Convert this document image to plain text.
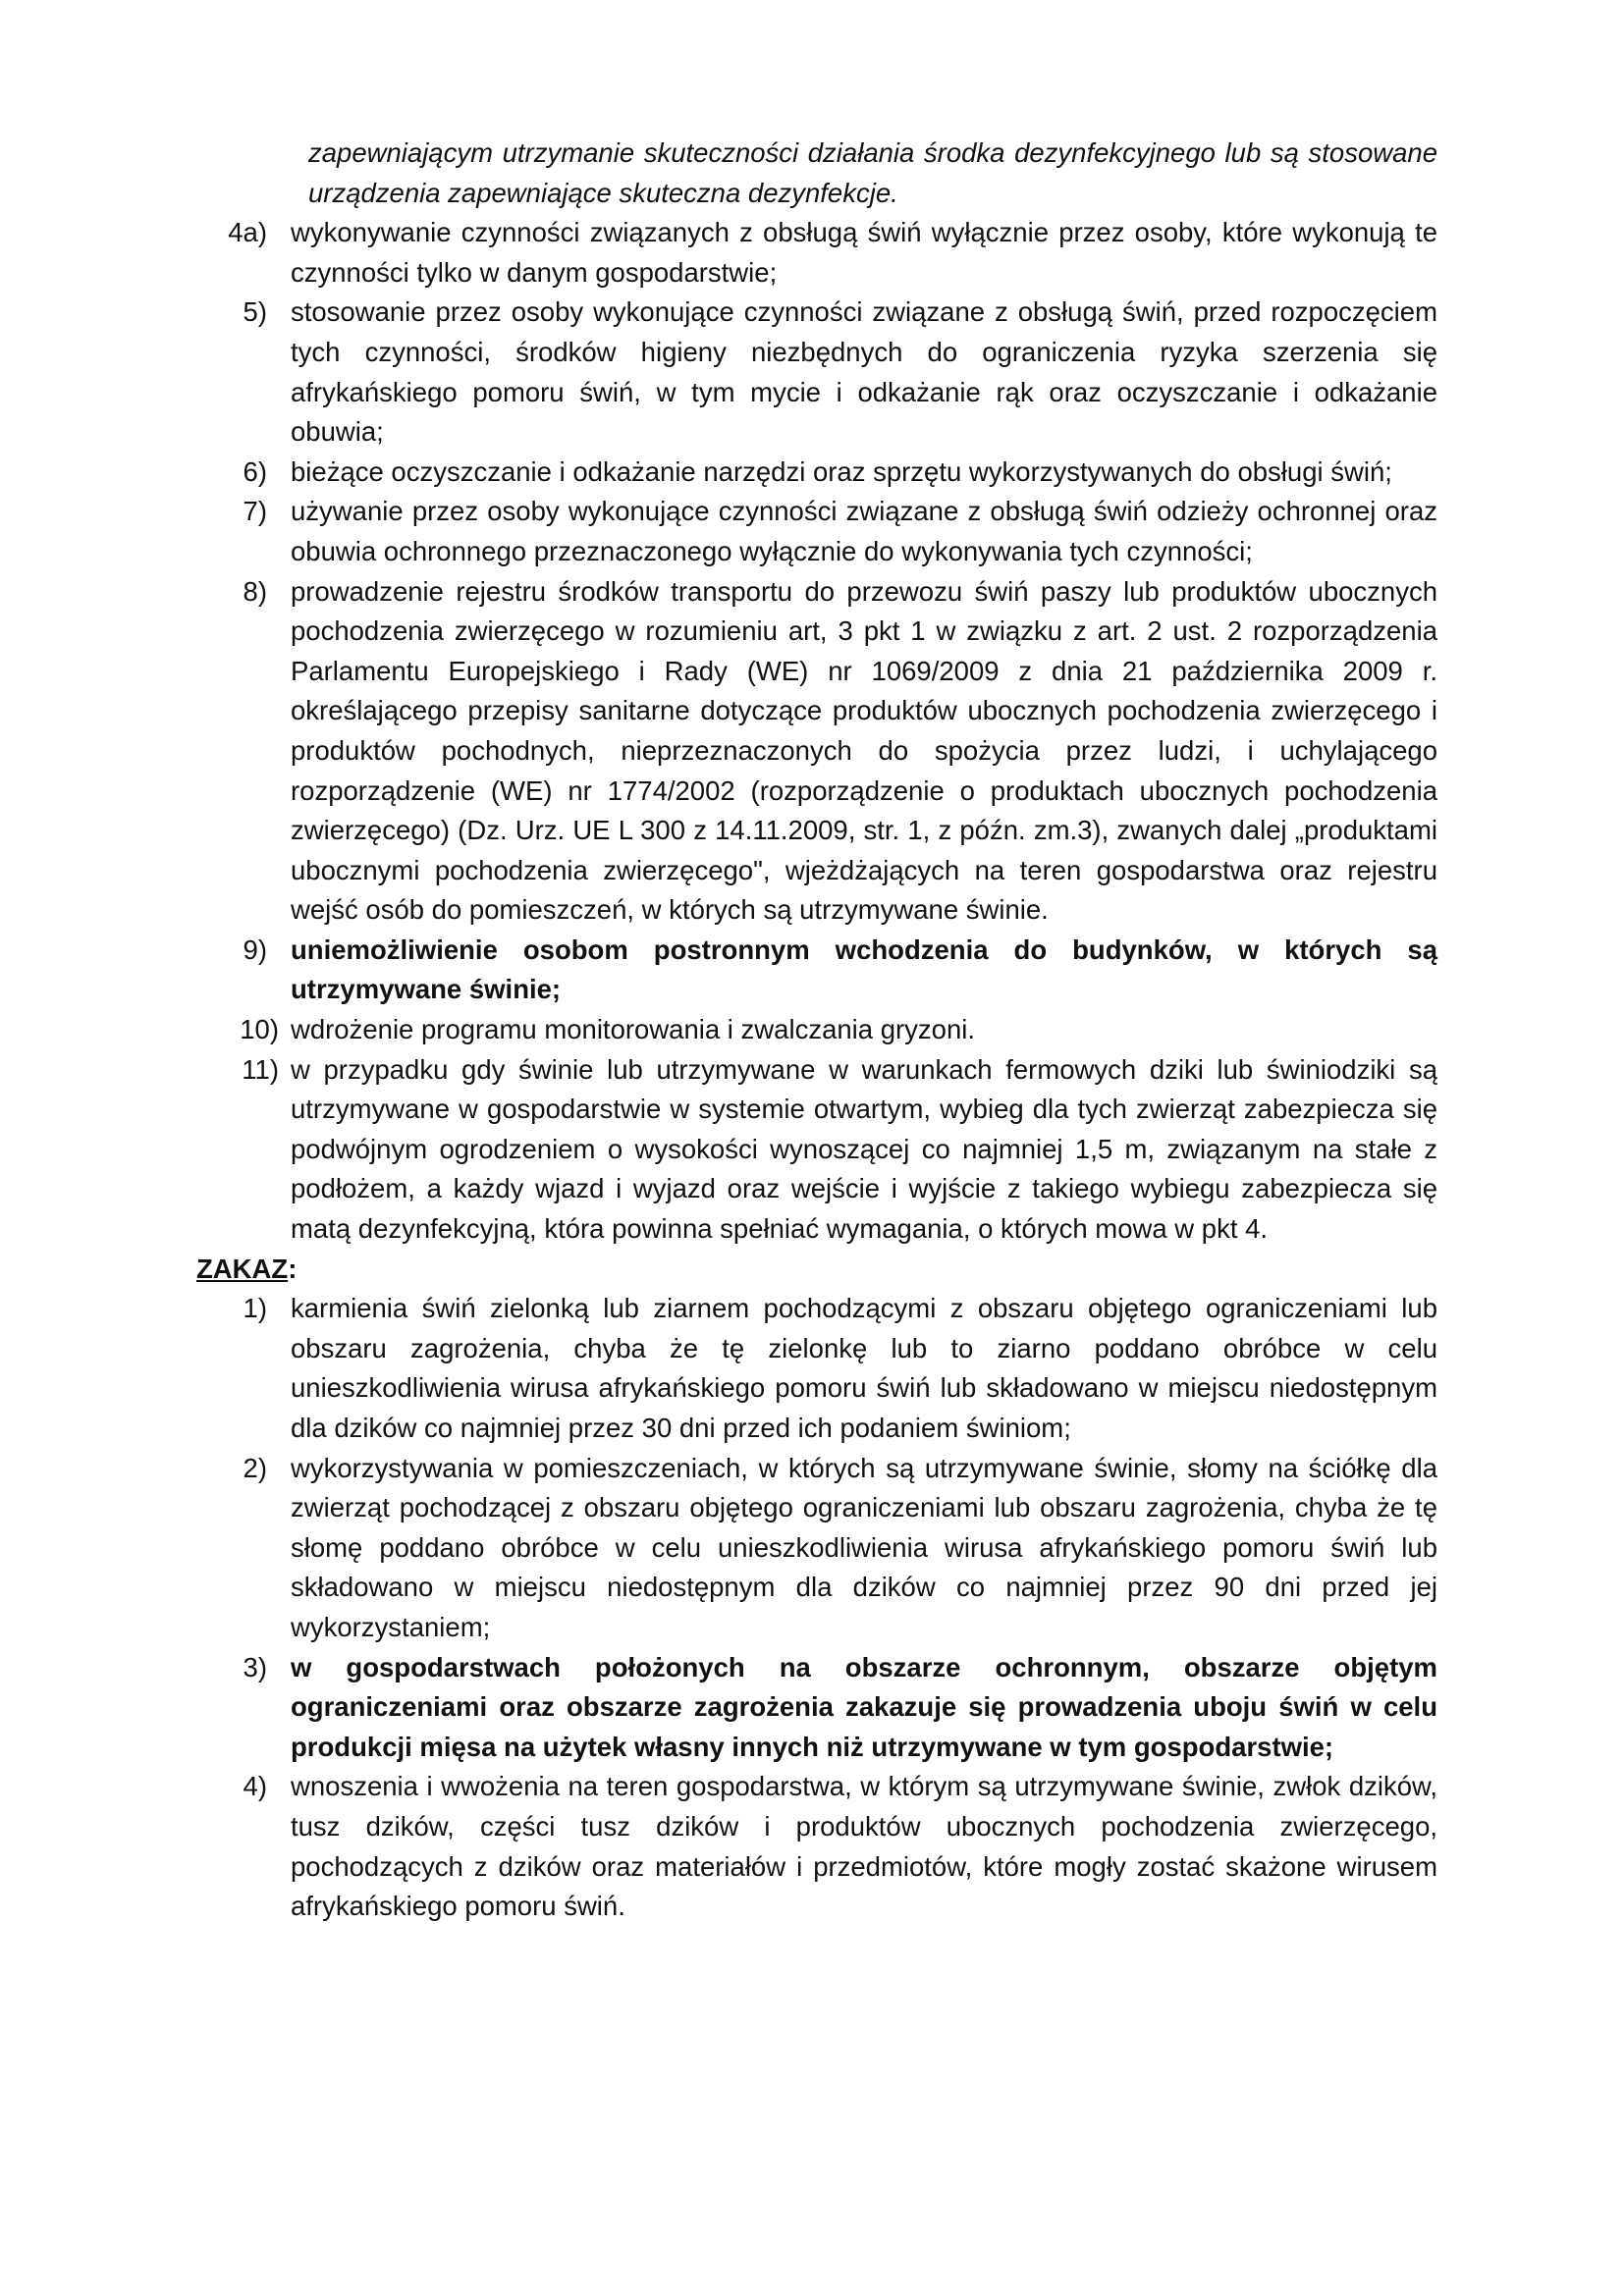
zapewniającym utrzymanie skuteczności działania środka dezynfekcyjnego lub są stosowane urządzenia zapewniające skuteczna dezynfekcje.
4a) wykonywanie czynności związanych z obsługą świń wyłącznie przez osoby, które wykonują te czynności tylko w danym gospodarstwie;
5) stosowanie przez osoby wykonujące czynności związane z obsługą świń, przed rozpoczęciem tych czynności, środków higieny niezbędnych do ograniczenia ryzyka szerzenia się afrykańskiego pomoru świń, w tym mycie i odkażanie rąk oraz oczyszczanie i odkażanie obuwia;
6) bieżące oczyszczanie i odkażanie narzędzi oraz sprzętu wykorzystywanych do obsługi świń;
7) używanie przez osoby wykonujące czynności związane z obsługą świń odzieży ochronnej oraz obuwia ochronnego przeznaczonego wyłącznie do wykonywania tych czynności;
8) prowadzenie rejestru środków transportu do przewozu świń paszy lub produktów ubocznych pochodzenia zwierzęcego w rozumieniu art, 3 pkt 1 w związku z art. 2 ust. 2 rozporządzenia Parlamentu Europejskiego i Rady (WE) nr 1069/2009 z dnia 21 października 2009 r. określającego przepisy sanitarne dotyczące produktów ubocznych pochodzenia zwierzęcego i produktów pochodnych, nieprzeznaczonych do spożycia przez ludzi, i uchylającego rozporządzenie (WE) nr 1774/2002 (rozporządzenie o produktach ubocznych pochodzenia zwierzęcego) (Dz. Urz. UE L 300 z 14.11.2009, str. 1, z późn. zm.3), zwanych dalej „produktami ubocznymi pochodzenia zwierzęcego", wjeżdżających na teren gospodarstwa oraz rejestru wejść osób do pomieszczeń, w których są utrzymywane świnie.
9) uniemożliwienie osobom postronnym wchodzenia do budynków, w których są utrzymywane świnie;
10) wdrożenie programu monitorowania i zwalczania gryzoni.
11) w przypadku gdy świnie lub utrzymywane w warunkach fermowych dziki lub świniodziki są utrzymywane w gospodarstwie w systemie otwartym, wybieg dla tych zwierząt zabezpiecza się podwójnym ogrodzeniem o wysokości wynoszącej co najmniej 1,5 m, związanym na stałe z podłożem, a każdy wjazd i wyjazd oraz wejście i wyjście z takiego wybiegu zabezpiecza się matą dezynfekcyjną, która powinna spełniać wymagania, o których mowa w pkt 4.
ZAKAZ:
1) karmienia świń zielonką lub ziarnem pochodzącymi z obszaru objętego ograniczeniami lub obszaru zagrożenia, chyba że tę zielonkę lub to ziarno poddano obróbce w celu unieszkodliwienia wirusa afrykańskiego pomoru świń lub składowano w miejscu niedostępnym dla dzików co najmniej przez 30 dni przed ich podaniem świniom;
2) wykorzystywania w pomieszczeniach, w których są utrzymywane świnie, słomy na ściółkę dla zwierząt pochodzącej z obszaru objętego ograniczeniami lub obszaru zagrożenia, chyba że tę słomę poddano obróbce w celu unieszkodliwienia wirusa afrykańskiego pomoru świń lub składowano w miejscu niedostępnym dla dzików co najmniej przez 90 dni przed jej wykorzystaniem;
3) w gospodarstwach położonych na obszarze ochronnym, obszarze objętym ograniczeniami oraz obszarze zagrożenia zakazuje się prowadzenia uboju świń w celu produkcji mięsa na użytek własny innych niż utrzymywane w tym gospodarstwie;
4) wnoszenia i wwożenia na teren gospodarstwa, w którym są utrzymywane świnie, zwłok dzików, tusz dzików, części tusz dzików i produktów ubocznych pochodzenia zwierzęcego, pochodzących z dzików oraz materiałów i przedmiotów, które mogły zostać skażone wirusem afrykańskiego pomoru świń.
